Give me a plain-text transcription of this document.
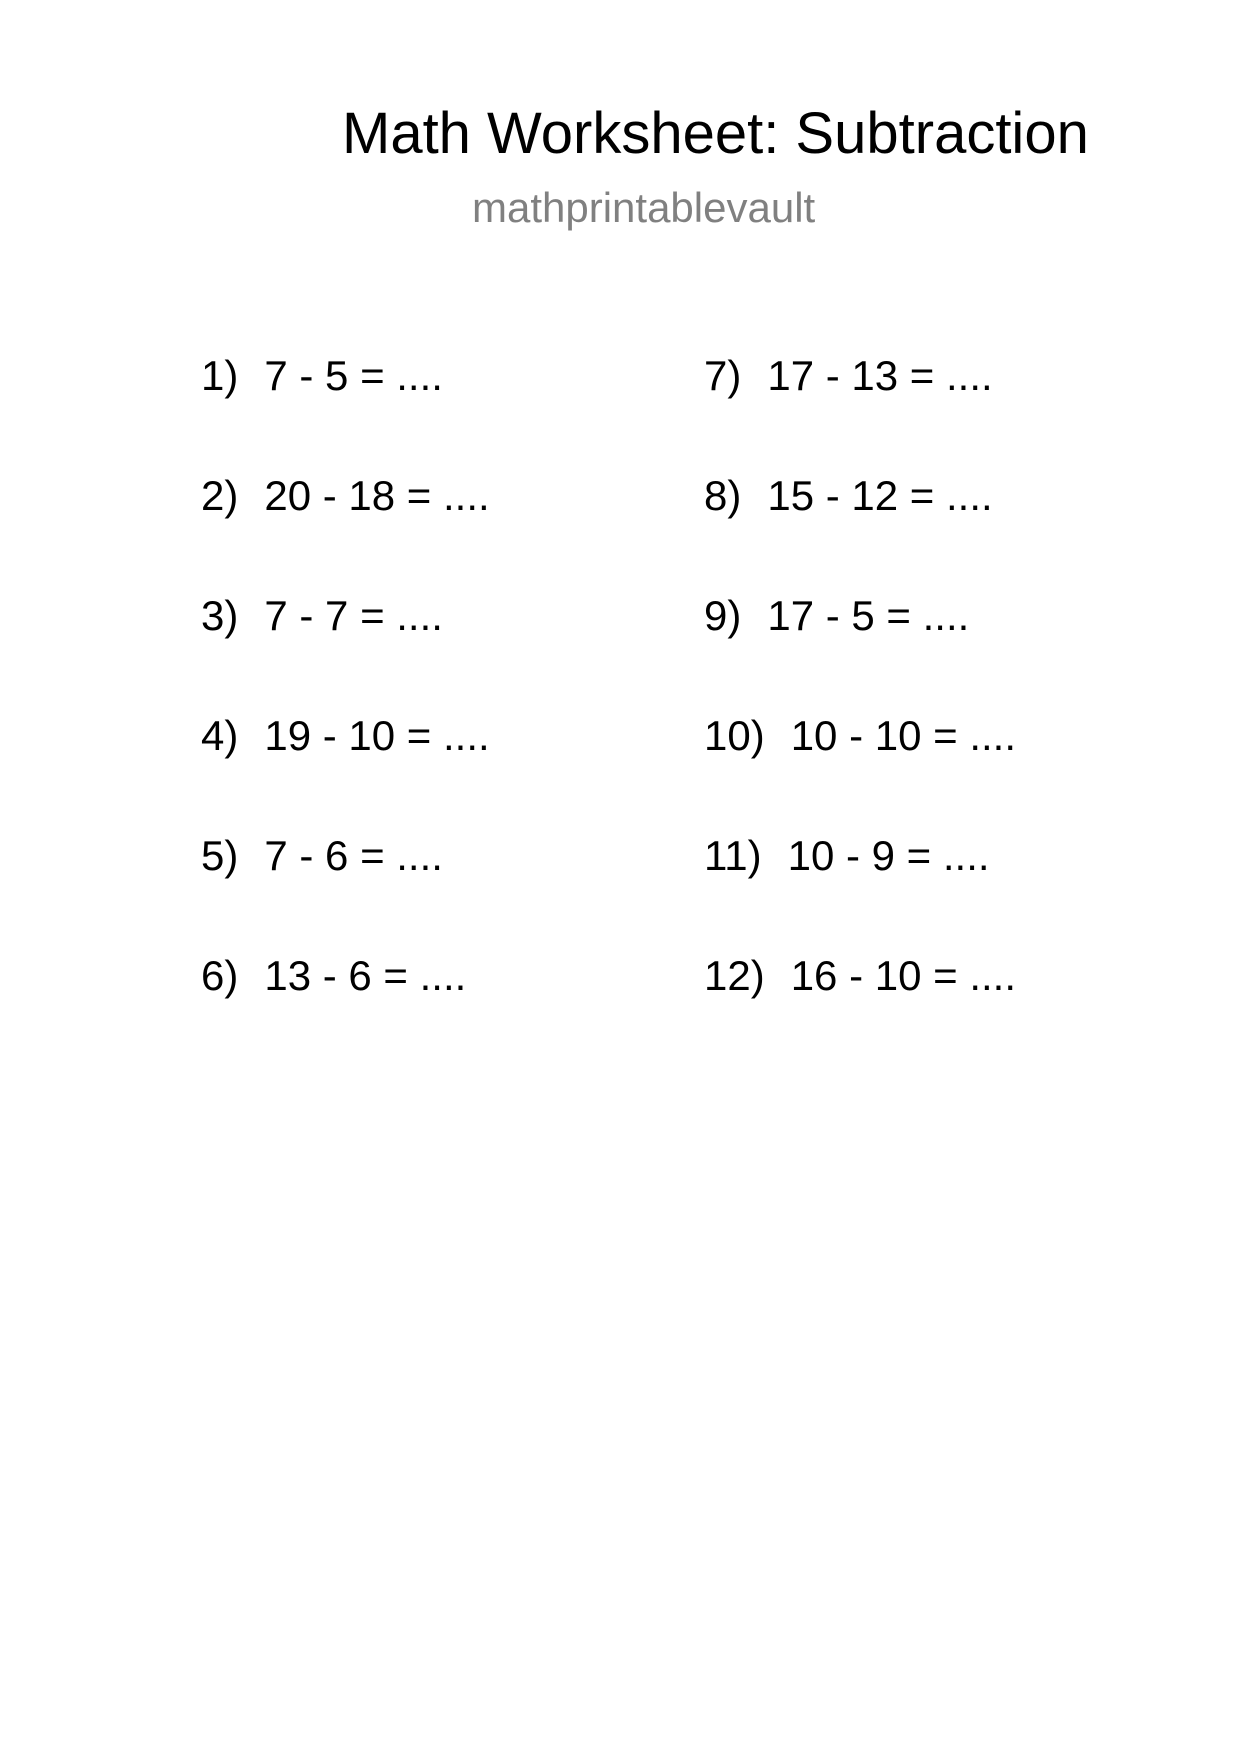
Math Worksheet: Subtraction
mathprintablevault
1) 7 - 5 = ....
2) 20 - 18 = ....
3) 7 - 7 = ....
4) 19 - 10 = ....
5) 7 - 6 = ....
6) 13 - 6 = ....
7) 17 - 13 = ....
8) 15 - 12 = ....
9) 17 - 5 = ....
10) 10 - 10 = ....
11) 10 - 9 = ....
12) 16 - 10 = ....
